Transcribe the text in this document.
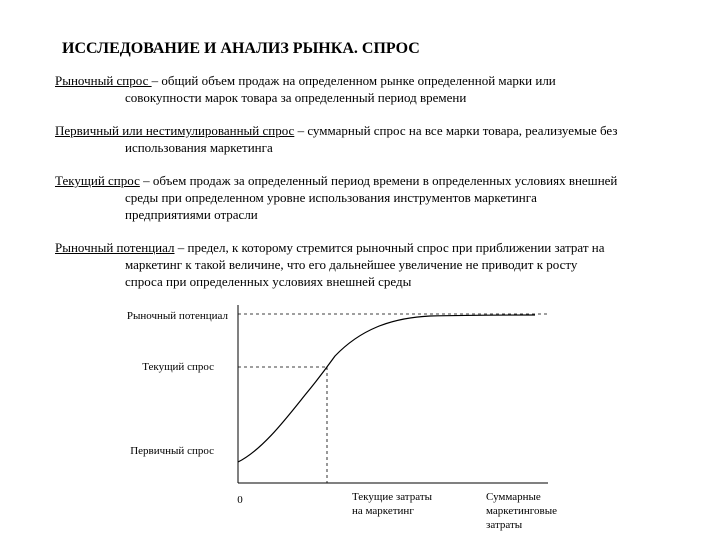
ИССЛЕДОВАНИЕ И АНАЛИЗ РЫНКА. СПРОС
Рыночный спрос – общий объем продаж на определенном рынке определенной марки или
совокупности марок товара за определенный период времени
Первичный или нестимулированный спрос – суммарный спрос на все марки товара, реализуемые без
использования маркетинга
Текущий спрос – объем продаж за определенный период времени в определенных условиях внешней
среды при определенном уровне использования инструментов маркетинга
предприятиями отрасли
Рыночный потенциал – предел, к которому стремится рыночный спрос при приближении затрат на
маркетинг к такой величине, что его дальнейшее увеличение не приводит к росту
спроса при определенных условиях внешней среды
Рыночный потенциал
Текущий спрос
Первичный спрос
0	Текущие затраты
на маркетинг
Суммарные
маркетинговые
затраты
